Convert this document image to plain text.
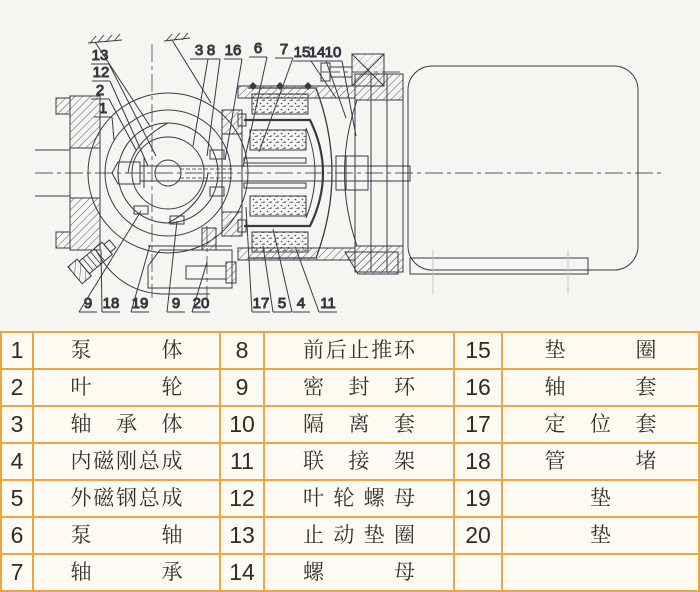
13
12
2
1
3 8 16 6 7 15
14 10
9 18 19 9 20	17 5 4 11
1	泵体	8	前后止推环	15	垫圈
2	叶轮	9	密封环	16	轴套
3	轴承体	10	隔离套	17	定位套
4	内磁刚总成	11	联接架	18	管堵
5	外磁钢总成	12	叶轮螺母	19	垫
6	泵轴	13	止动垫圈	20	垫
7	轴承	14	螺母
